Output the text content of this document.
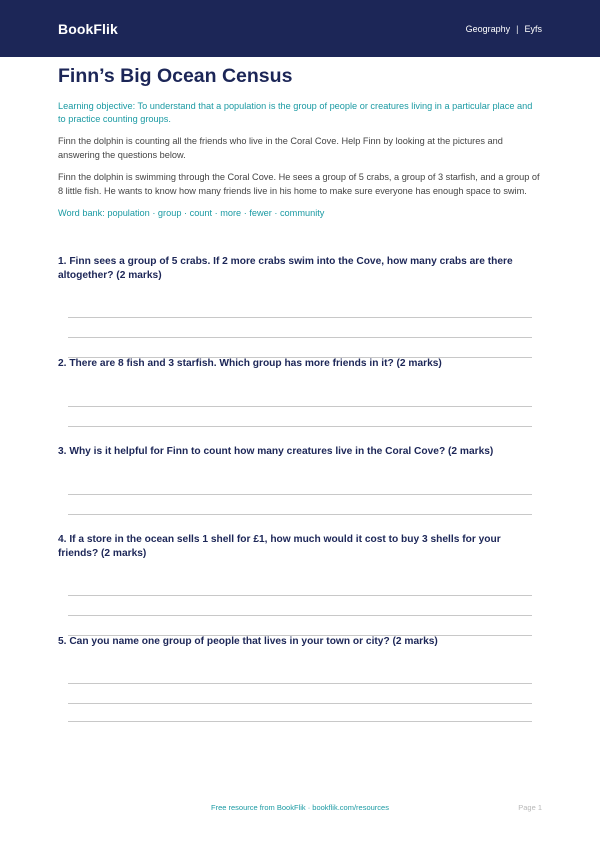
BookFlik	Geography | Eyfs
Finn’s Big Ocean Census

Learning objective: To understand that a population is the group of people or creatures living in a particular place and to practice counting groups.

Finn the dolphin is counting all the friends who live in the Coral Cove. Help Finn by looking at the pictures and answering the questions below.

Finn the dolphin is swimming through the Coral Cove. He sees a group of 5 crabs, a group of 3 starfish, and a group of 8 little fish. He wants to know how many friends live in his home to make sure everyone has enough space to swim.

Word bank: population · group · count · more · fewer · community

1. Finn sees a group of 5 crabs. If 2 more crabs swim into the Cove, how many crabs are there altogether? (2 marks)

2. There are 8 fish and 3 starfish. Which group has more friends in it? (2 marks)

3. Why is it helpful for Finn to count how many creatures live in the Coral Cove? (2 marks)

4. If a store in the ocean sells 1 shell for £1, how much would it cost to buy 3 shells for your friends? (2 marks)

5. Can you name one group of people that lives in your town or city? (2 marks)

Free resource from BookFlik · bookflik.com/resources	Page 1
